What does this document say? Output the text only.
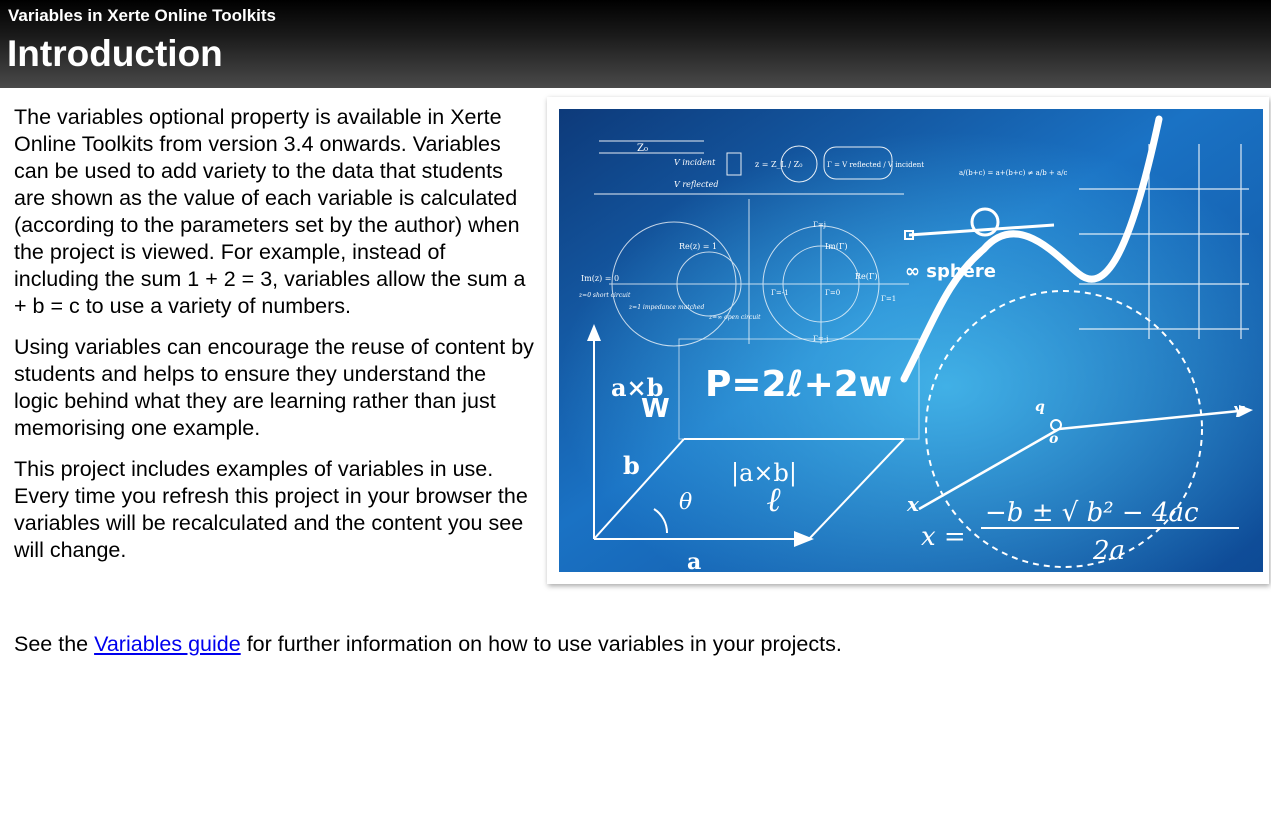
Variables in Xerte Online Toolkits
Introduction

The variables optional property is available in Xerte Online Toolkits from version 3.4 onwards. Variables can be used to add variety to the data that students are shown as the value of each variable is calculated (according to the parameters set by the author) when the project is viewed. For example, instead of including the sum 1 + 2 = 3, variables allow the sum a + b = c to use a variety of numbers.

Using variables can encourage the reuse of content by students and helps to ensure they understand the logic behind what they are learning rather than just memorising one example.

This project includes examples of variables in use. Every time you refresh this project in your browser the variables will be recalculated and the content you see will change.

See the Variables guide for further information on how to use variables in your projects.
Z₀
V incident
V reflected
z = Z_L / Z₀	Γ = V reflected / V incident
a/(b+c) = a+(b+c) ≠ a/b + a/c
Re(z) = 1
Im(z) = 0
z=0 short circuit
z=1 impedance matched
z=∞ open circuit
Im(Γ)
Re(Γ)
Γ=j
Γ=-1	Γ=0
Γ=1
Γ=-j
∞ sphere
Y
o
q
x
x =
−b ± √ b² − 4ac
2a
a×b
W
P=2ℓ+2w
b	|a×b|
θ ℓ
a
